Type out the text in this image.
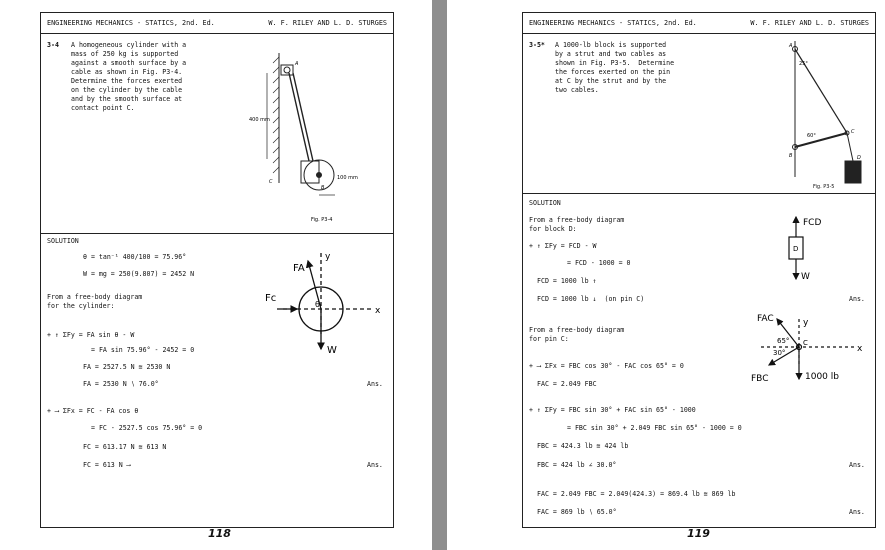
ENGINEERING MECHANICS - STATICS, 2nd. Ed.	W. F. RILEY AND L. D. STURGES
3-4 A homogeneous cylinder with a
mass of 250 kg is supported
against a smooth surface by a
cable as shown in Fig. P3-4.
Determine the forces exerted
on the cylinder by the cable
and by the smooth surface at
contact point C.
400 mm
100 mm
A
B
C
Fig. P3-4
SOLUTION
θ = tan⁻¹ 400/100 = 75.96°
W = mg = 250(9.807) = 2452 N
From a free-body diagram
for the cylinder:
y
x
FA
Fc
θ
W
+ ↑ ΣFy = FA sin θ - W
= FA sin 75.96° - 2452 = 0
FA = 2527.5 N ≅ 2530 N
FA = 2530 N ∖ 76.0°	Ans.
+ ⟶ ΣFx = FC - FA cos θ
= FC - 2527.5 cos 75.96° = 0
FC = 613.17 N ≅ 613 N
FC = 613 N ⟶	Ans.
118
ENGINEERING MECHANICS - STATICS, 2nd. Ed.	W. F. RILEY AND L. D. STURGES
3-5* A 1000-lb block is supported
by a strut and two cables as
shown in Fig. P3-5.  Determine
the forces exerted on the pin
at C by the strut and by the
two cables.
25°
60°
A
B
C
D
Fig. P3-5
SOLUTION
From a free-body diagram
for block D:
FCD
D
W
+ ↑ ΣFy = FCD - W
= FCD - 1000 = 0
FCD = 1000 lb ↑
FCD = 1000 lb ↓  (on pin C)	Ans.
From a free-body diagram
for pin C:
FAC
FBC
y
x
65°
30°
C
1000 lb
+ ⟶ ΣFx = FBC cos 30° - FAC cos 65° = 0
FAC = 2.049 FBC
+ ↑ ΣFy = FBC sin 30° + FAC sin 65° - 1000
= FBC sin 30° + 2.049 FBC sin 65° - 1000 = 0
FBC = 424.3 lb ≅ 424 lb
FBC = 424 lb ∠ 30.0°	Ans.
FAC = 2.049 FBC = 2.049(424.3) = 869.4 lb ≅ 869 lb
FAC = 869 lb ∖ 65.0°	Ans.
119
